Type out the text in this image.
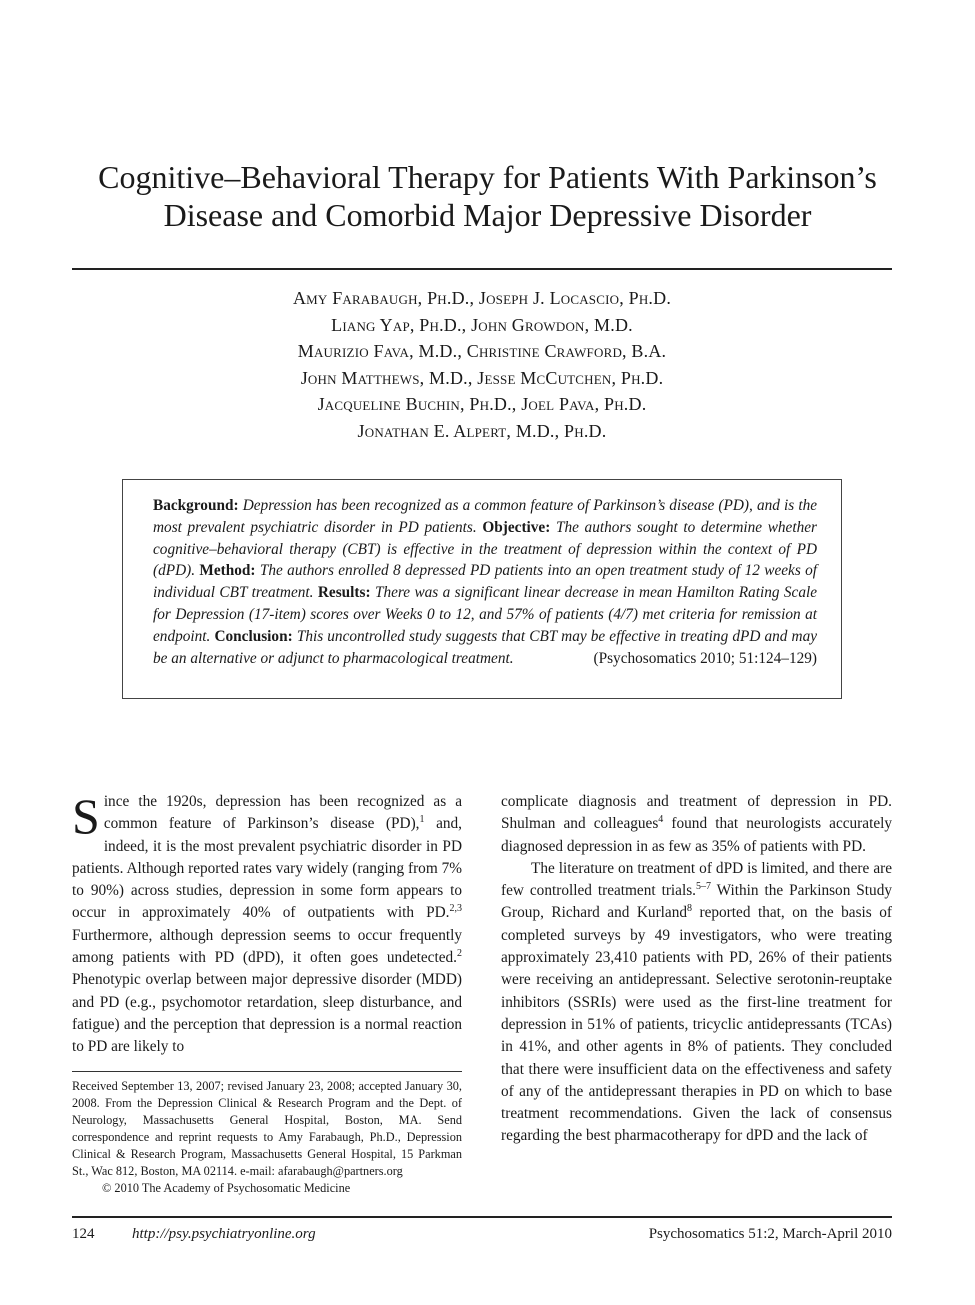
Cognitive–Behavioral Therapy for Patients With Parkinson’s
Disease and Comorbid Major Depressive Disorder
Amy Farabaugh, Ph.D., Joseph J. Locascio, Ph.D.
Liang Yap, Ph.D., John Growdon, M.D.
Maurizio Fava, M.D., Christine Crawford, B.A.
John Matthews, M.D., Jesse McCutchen, Ph.D.
Jacqueline Buchin, Ph.D., Joel Pava, Ph.D.
Jonathan E. Alpert, M.D., Ph.D.
Background: Depression has been recognized as a common feature of Parkinson’s disease (PD), and is the most prevalent psychiatric disorder in PD patients. Objective: The authors sought to determine whether cognitive–behavioral therapy (CBT) is effective in the treatment of depression within the context of PD (dPD). Method: The authors enrolled 8 depressed PD patients into an open treatment study of 12 weeks of individual CBT treatment. Results: There was a significant linear decrease in mean Hamilton Rating Scale for Depression (17-item) scores over Weeks 0 to 12, and 57% of patients (4/7) met criteria for remission at endpoint. Conclusion: This uncontrolled study suggests that CBT may be effective in treating dPD and may be an alternative or adjunct to pharmacological treatment.	(Psychosomatics 2010; 51:124–129)

Since the 1920s, depression has been recognized as a common feature of Parkinson’s disease (PD),$^1$ and, indeed, it is the most prevalent psychiatric disorder in PD patients. Although reported rates vary widely (ranging from 7% to 90%) across studies, depression in some form appears to occur in approximately 40% of outpatients with PD.$^{2,3}$ Furthermore, although depression seems to occur frequently among patients with PD (dPD), it often goes undetected.$^2$ Phenotypic overlap between major depressive disorder (MDD) and PD (e.g., psychomotor retardation, sleep disturbance, and fatigue) and the perception that depression is a normal reaction to PD are likely to

Received September 13, 2007; revised January 23, 2008; accepted January 30, 2008. From the Depression Clinical & Research Program and the Dept. of Neurology, Massachusetts General Hospital, Boston, MA. Send correspondence and reprint requests to Amy Farabaugh, Ph.D., Depression Clinical & Research Program, Massachusetts General Hospital, 15 Parkman St., Wac 812, Boston, MA 02114. e-mail: afarabaugh@partners.org

© 2010 The Academy of Psychosomatic Medicine

complicate diagnosis and treatment of depression in PD. Shulman and colleagues$^4$ found that neurologists accurately diagnosed depression in as few as 35% of patients with PD.

The literature on treatment of dPD is limited, and there are few controlled treatment trials.$^{5-7}$ Within the Parkinson Study Group, Richard and Kurland$^8$ reported that, on the basis of completed surveys by 49 investigators, who were treating approximately 23,410 patients with PD, 26% of their patients were receiving an antidepressant. Selective serotonin-reuptake inhibitors (SSRIs) were used as the first-line treatment for depression in 51% of patients, tricyclic antidepressants (TCAs) in 41%, and other agents in 8% of patients. They concluded that there were insufficient data on the effectiveness and safety of any of the antidepressant therapies in PD on which to base treatment recommendations. Given the lack of consensus regarding the best pharmacotherapy for dPD and the lack of

124	http://psy.psychiatryonline.org	Psychosomatics 51:2, March-April 2010
